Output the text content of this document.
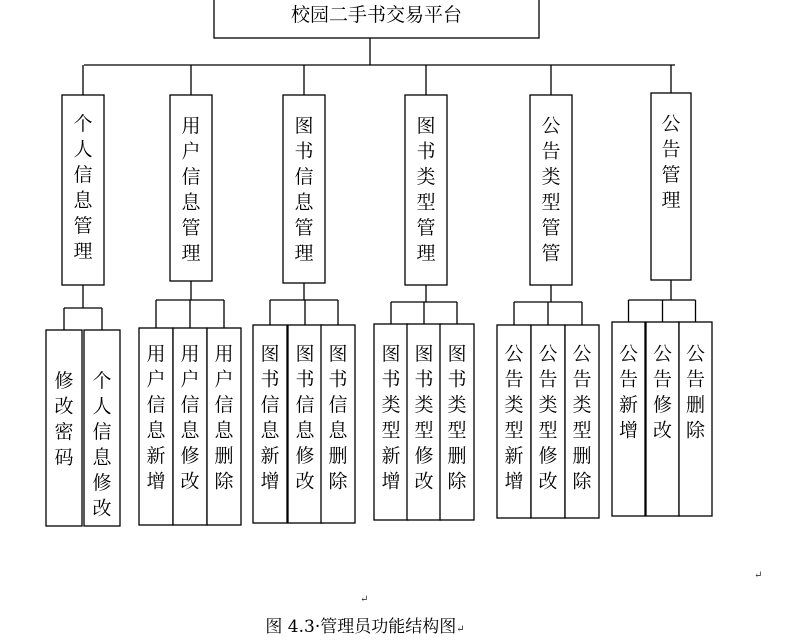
个人信息管理
修改密码
个人信息修改
用户信息管理
用户信息新增
用户信息修改
用户信息删除
图书信息管理
图书信息新增
图书信息修改
图书信息删除
图书类型管理
图书类型新增
图书类型修改
图书类型删除
公告类型管管
公告类型新增
公告类型修改
公告类型删除
公告管理
公告新增
公告修改
公告删除
校园二手书交易平台
图 4.3·管理员功能结构图↵
↵
↵
